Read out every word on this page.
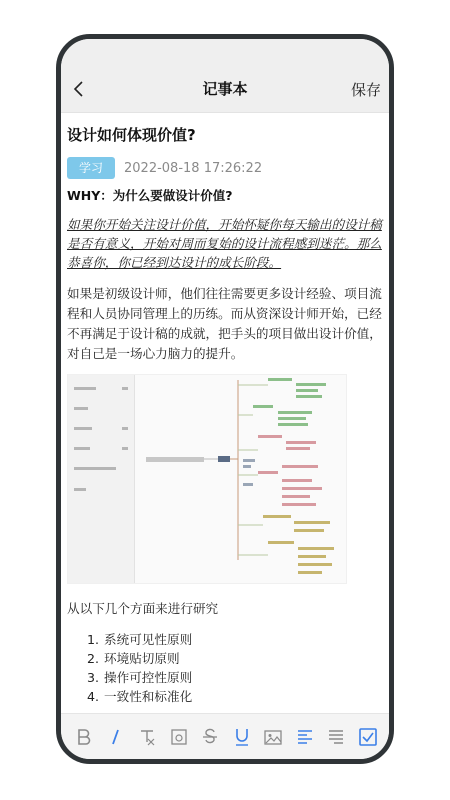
记事本	保存
设计如何体现价值?
学习	2022-08-18 17:26:22
WHY：为什么要做设计价值?
如果你开始关注设计价值，开始怀疑你每天输出的设计稿是否有意义，开始对周而复始的设计流程感到迷茫。那么恭喜你，你已经到达设计的成长阶段。
如果是初级设计师，他们往往需要更多设计经验、项目流程和人员协同管理上的历练。而从资深设计师开始，已经不再满足于设计稿的成就，把手头的项目做出设计价值，对自己是一场心力脑力的提升。
从以下几个方面来进行研究
1. 系统可见性原则
2. 环境贴切原则
3. 操作可控性原则
4. 一致性和标准化
